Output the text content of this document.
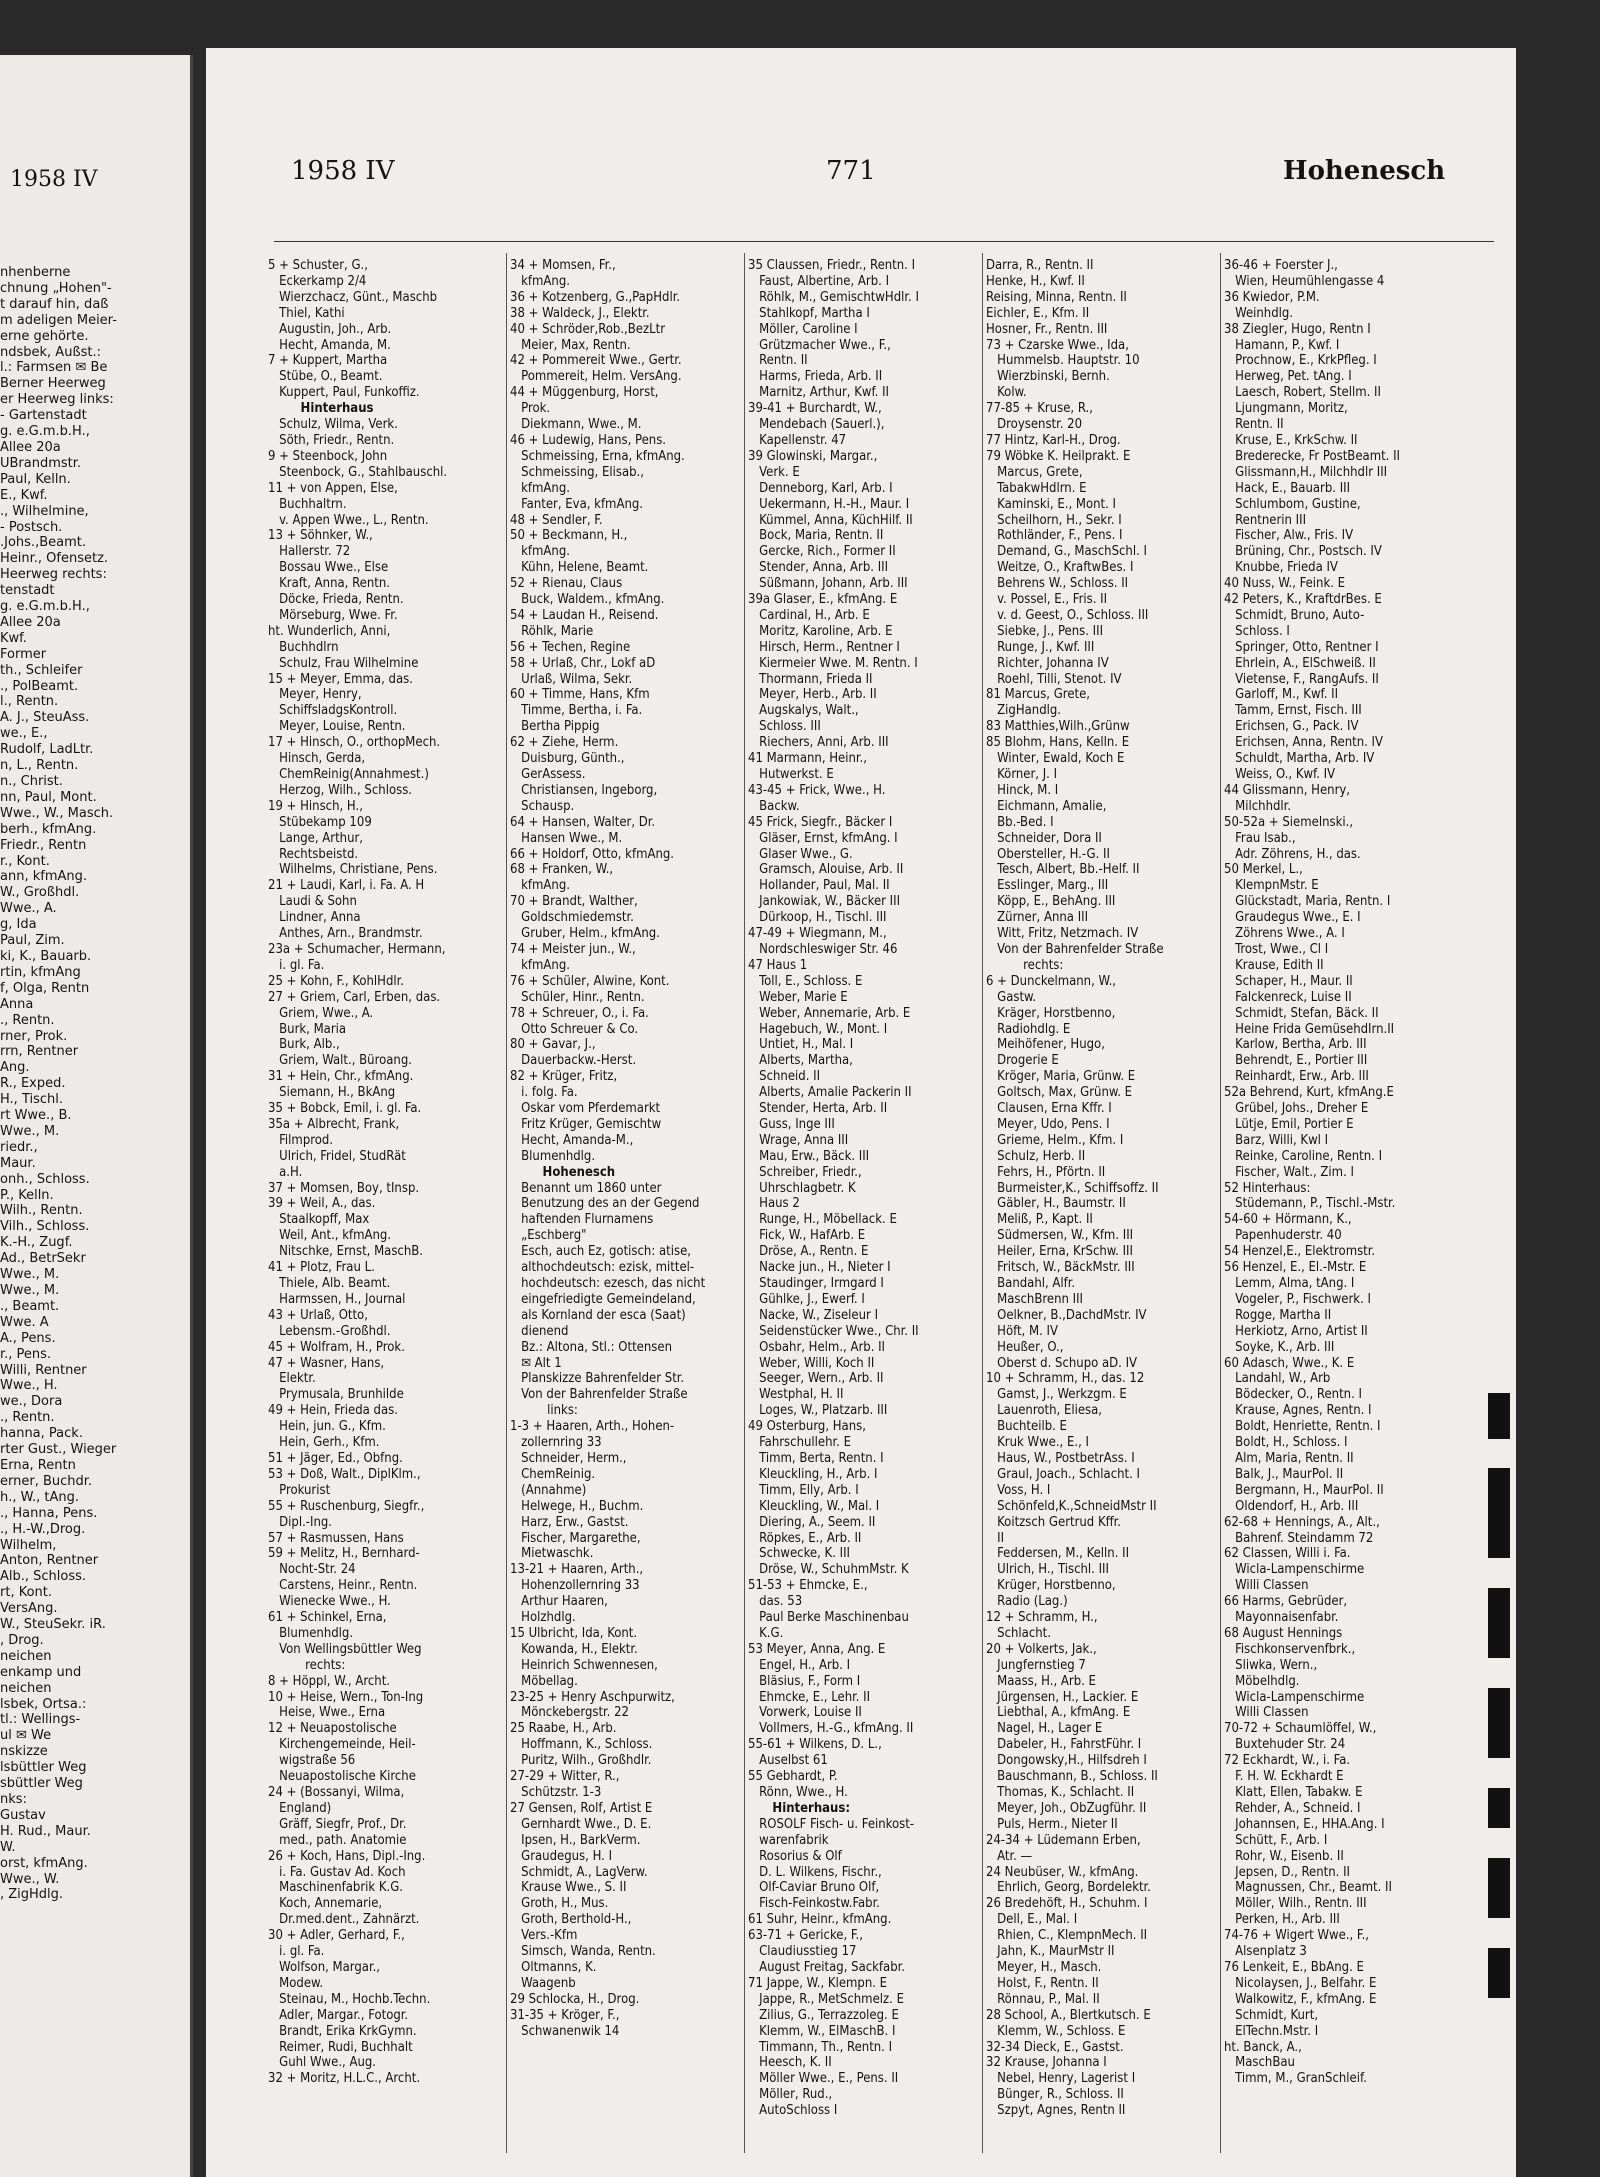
1958 IV
nhenberne
chnung „Hohen"-
t darauf hin, daß
m adeligen Meier-
erne gehörte.
ndsbek, Außst.:
l.: Farmsen ✉ Be
Berner Heerweg
er Heerweg links:
- Gartenstadt
g. e.G.m.b.H.,
Allee 20a
UBrandmstr.
Paul, Kelln.
E., Kwf.
., Wilhelmine,
- Postsch.
.Johs.,Beamt.
Heinr., Ofensetz.
Heerweg rechts:
tenstadt
g. e.G.m.b.H.,
Allee 20a
Kwf.
Former
th., Schleifer
., PolBeamt.
l., Rentn.
A. J., SteuAss.
we., E.,
Rudolf, LadLtr.
n, L., Rentn.
n., Christ.
nn, Paul, Mont.
Wwe., W., Masch.
berh., kfmAng.
Friedr., Rentn
r., Kont.
ann, kfmAng.
W., Großhdl.
Wwe., A.
g, Ida
Paul, Zim.
ki, K., Bauarb.
rtin, kfmAng
f, Olga, Rentn
Anna
., Rentn.
rner, Prok.
rrn, Rentner
Ang.
R., Exped.
H., Tischl.
rt Wwe., B.
Wwe., M.
riedr.,
Maur.
onh., Schloss.
P., Kelln.
Wilh., Rentn.
Vilh., Schloss.
K.-H., Zugf.
Ad., BetrSekr
Wwe., M.
Wwe., M.
., Beamt.
Wwe. A
A., Pens.
r., Pens.
Willi, Rentner
Wwe., H.
we., Dora
., Rentn.
hanna, Pack.
rter Gust., Wieger
Erna, Rentn
erner, Buchdr.
h., W., tAng.
., Hanna, Pens.
., H.-W.,Drog.
Wilhelm,
Anton, Rentner
Alb., Schloss.
rt, Kont.
VersAng.
W., SteuSekr. iR.
, Drog.
neichen
enkamp und
neichen
lsbek, Ortsa.:
tl.: Wellings-
ul ✉ We
nskizze
lsbüttler Weg
sbüttler Weg
nks:
Gustav
H. Rud., Maur.
W.
orst, kfmAng.
Wwe., W.
, ZigHdlg.
1958 IV	771	Hohenesch
5 + Schuster, G.,
Eckerkamp 2/4
Wierzchacz, Günt., Maschb
Thiel, Kathi
Augustin, Joh., Arb.
Hecht, Amanda, M.
7 + Kuppert, Martha
Stübe, O., Beamt.
Kuppert, Paul, Funkoffiz.
Hinterhaus
Schulz, Wilma, Verk.
Söth, Friedr., Rentn.
9 + Steenbock, John
Steenbock, G., Stahlbauschl.
11 + von Appen, Else,
Buchhaltrn.
v. Appen Wwe., L., Rentn.
13 + Söhnker, W.,
Hallerstr. 72
Bossau Wwe., Else
Kraft, Anna, Rentn.
Döcke, Frieda, Rentn.
Mörseburg, Wwe. Fr.
ht. Wunderlich, Anni,
Buchhdlrn
Schulz, Frau Wilhelmine
15 + Meyer, Emma, das.
Meyer, Henry,
SchiffsladgsKontroll.
Meyer, Louise, Rentn.
17 + Hinsch, O., orthopMech.
Hinsch, Gerda,
ChemReinig(Annahmest.)
Herzog, Wilh., Schloss.
19 + Hinsch, H.,
Stübekamp 109
Lange, Arthur,
Rechtsbeistd.
Wilhelms, Christiane, Pens.
21 + Laudi, Karl, i. Fa. A. H
Laudi & Sohn
Lindner, Anna
Anthes, Arn., Brandmstr.
23a + Schumacher, Hermann,
i. gl. Fa.
25 + Kohn, F., KohlHdlr.
27 + Griem, Carl, Erben, das.
Griem, Wwe., A.
Burk, Maria
Burk, Alb.,
Griem, Walt., Büroang.
31 + Hein, Chr., kfmAng.
Siemann, H., BkAng
35 + Bobck, Emil, i. gl. Fa.
35a + Albrecht, Frank,
Filmprod.
Ulrich, Fridel, StudRät
a.H.
37 + Momsen, Boy, tInsp.
39 + Weil, A., das.
Staalkopff, Max
Weil, Ant., kfmAng.
Nitschke, Ernst, MaschB.
41 + Plotz, Frau L.
Thiele, Alb. Beamt.
Harmssen, H., Journal
43 + Urlaß, Otto,
Lebensm.-Großhdl.
45 + Wolfram, H., Prok.
47 + Wasner, Hans,
Elektr.
Prymusala, Brunhilde
49 + Hein, Frieda das.
Hein, jun. G., Kfm.
Hein, Gerh., Kfm.
51 + Jäger, Ed., Obfng.
53 + Doß, Walt., DiplKlm.,
Prokurist
55 + Ruschenburg, Siegfr.,
Dipl.-Ing.
57 + Rasmussen, Hans
59 + Melitz, H., Bernhard-
Nocht-Str. 24
Carstens, Heinr., Rentn.
Wienecke Wwe., H.
61 + Schinkel, Erna,
Blumenhdlg.
Von Wellingsbüttler Weg
rechts:
8 + Höppl, W., Archt.
10 + Heise, Wern., Ton-Ing
Heise, Wwe., Erna
12 + Neuapostolische
Kirchengemeinde, Heil-
wigstraße 56
Neuapostolische Kirche
24 + (Bossanyi, Wilma,
England)
Gräff, Siegfr, Prof., Dr.
med., path. Anatomie
26 + Koch, Hans, Dipl.-Ing.
i. Fa. Gustav Ad. Koch
Maschinenfabrik K.G.
Koch, Annemarie,
Dr.med.dent., Zahnärzt.
30 + Adler, Gerhard, F.,
i. gl. Fa.
Wolfson, Margar.,
Modew.
Steinau, M., Hochb.Techn.
Adler, Margar., Fotogr.
Brandt, Erika KrkGymn.
Reimer, Rudi, Buchhalt
Guhl Wwe., Aug.
32 + Moritz, H.L.C., Archt.
34 + Momsen, Fr.,
kfmAng.
36 + Kotzenberg, G.,PapHdlr.
38 + Waldeck, J., Elektr.
40 + Schröder,Rob.,BezLtr
Meier, Max, Rentn.
42 + Pommereit Wwe., Gertr.
Pommereit, Helm. VersAng.
44 + Müggenburg, Horst,
Prok.
Diekmann, Wwe., M.
46 + Ludewig, Hans, Pens.
Schmeissing, Erna, kfmAng.
Schmeissing, Elisab.,
kfmAng.
Fanter, Eva, kfmAng.
48 + Sendler, F.
50 + Beckmann, H.,
kfmAng.
Kühn, Helene, Beamt.
52 + Rienau, Claus
Buck, Waldem., kfmAng.
54 + Laudan H., Reisend.
Röhlk, Marie
56 + Techen, Regine
58 + Urlaß, Chr., Lokf aD
Urlaß, Wilma, Sekr.
60 + Timme, Hans, Kfm
Timme, Bertha, i. Fa.
Bertha Pippig
62 + Ziehe, Herm.
Duisburg, Günth.,
GerAssess.
Christiansen, Ingeborg,
Schausp.
64 + Hansen, Walter, Dr.
Hansen Wwe., M.
66 + Holdorf, Otto, kfmAng.
68 + Franken, W.,
kfmAng.
70 + Brandt, Walther,
Goldschmiedemstr.
Gruber, Helm., kfmAng.
74 + Meister jun., W.,
kfmAng.
76 + Schüler, Alwine, Kont.
Schüler, Hinr., Rentn.
78 + Schreuer, O., i. Fa.
Otto Schreuer & Co.
80 + Gavar, J.,
Dauerbackw.-Herst.
82 + Krüger, Fritz,
i. folg. Fa.
Oskar vom Pferdemarkt
Fritz Krüger, Gemischtw
Hecht, Amanda-M.,
Blumenhdlg.
Hohenesch
Benannt um 1860 unter
Benutzung des an der Gegend
haftenden Flurnamens
„Eschberg"
Esch, auch Ez, gotisch: atise,
althochdeutsch: ezisk, mittel-
hochdeutsch: ezesch, das nicht
eingefriedigte Gemeindeland,
als Kornland der esca (Saat)
dienend
Bz.: Altona, Stl.: Ottensen
✉ Alt 1
Planskizze Bahrenfelder Str.
Von der Bahrenfelder Straße
links:
1-3 + Haaren, Arth., Hohen-
zollernring 33
Schneider, Herm.,
ChemReinig.
(Annahme)
Helwege, H., Buchm.
Harz, Erw., Gastst.
Fischer, Margarethe,
Mietwaschk.
13-21 + Haaren, Arth.,
Hohenzollernring 33
Arthur Haaren,
Holzhdlg.
15 Ulbricht, Ida, Kont.
Kowanda, H., Elektr.
Heinrich Schwennesen,
Möbellag.
23-25 + Henry Aschpurwitz,
Mönckebergstr. 22
25 Raabe, H., Arb.
Hoffmann, K., Schloss.
Puritz, Wilh., Großhdlr.
27-29 + Witter, R.,
Schützstr. 1-3
27 Gensen, Rolf, Artist E
Gernhardt Wwe., D. E.
Ipsen, H., BarkVerm.
Graudegus, H. I
Schmidt, A., LagVerw.
Krause Wwe., S. II
Groth, H., Mus.
Groth, Berthold-H.,
Vers.-Kfm
Simsch, Wanda, Rentn.
Oltmanns, K.
Waagenb
29 Schlocka, H., Drog.
31-35 + Kröger, F.,
Schwanenwik 14
35 Claussen, Friedr., Rentn. I
Faust, Albertine, Arb. I
Röhlk, M., GemischtwHdlr. I
Stahlkopf, Martha I
Möller, Caroline I
Grützmacher Wwe., F.,
Rentn. II
Harms, Frieda, Arb. II
Marnitz, Arthur, Kwf. II
39-41 + Burchardt, W.,
Mendebach (Sauerl.),
Kapellenstr. 47
39 Glowinski, Margar.,
Verk. E
Denneborg, Karl, Arb. I
Uekermann, H.-H., Maur. I
Kümmel, Anna, KüchHilf. II
Bock, Maria, Rentn. II
Gercke, Rich., Former II
Stender, Anna, Arb. III
Süßmann, Johann, Arb. III
39a Glaser, E., kfmAng. E
Cardinal, H., Arb. E
Moritz, Karoline, Arb. E
Hirsch, Herm., Rentner I
Kiermeier Wwe. M. Rentn. I
Thormann, Frieda II
Meyer, Herb., Arb. II
Augskalys, Walt.,
Schloss. III
Riechers, Anni, Arb. III
41 Marmann, Heinr.,
Hutwerkst. E
43-45 + Frick, Wwe., H.
Backw.
45 Frick, Siegfr., Bäcker I
Gläser, Ernst, kfmAng. I
Glaser Wwe., G.
Gramsch, Alouise, Arb. II
Hollander, Paul, Mal. II
Jankowiak, W., Bäcker III
Dürkoop, H., Tischl. III
47-49 + Wiegmann, M.,
Nordschleswiger Str. 46
47 Haus 1
Toll, E., Schloss. E
Weber, Marie E
Weber, Annemarie, Arb. E
Hagebuch, W., Mont. I
Untiet, H., Mal. I
Alberts, Martha,
Schneid. II
Alberts, Amalie Packerin II
Stender, Herta, Arb. II
Guss, Inge III
Wrage, Anna III
Mau, Erw., Bäck. III
Schreiber, Friedr.,
Uhrschlagbetr. K
Haus 2
Runge, H., Möbellack. E
Fick, W., HafArb. E
Dröse, A., Rentn. E
Nacke jun., H., Nieter I
Staudinger, Irmgard I
Gühlke, J., Ewerf. I
Nacke, W., Ziseleur I
Seidenstücker Wwe., Chr. II
Osbahr, Helm., Arb. II
Weber, Willi, Koch II
Seeger, Wern., Arb. II
Westphal, H. II
Loges, W., Platzarb. III
49 Osterburg, Hans,
Fahrschullehr. E
Timm, Berta, Rentn. I
Kleuckling, H., Arb. I
Timm, Elly, Arb. I
Kleuckling, W., Mal. I
Diering, A., Seem. II
Röpkes, E., Arb. II
Schwecke, K. III
Dröse, W., SchuhmMstr. K
51-53 + Ehmcke, E.,
das. 53
Paul Berke Maschinenbau
K.G.
53 Meyer, Anna, Ang. E
Engel, H., Arb. I
Bläsius, F., Form I
Ehmcke, E., Lehr. II
Vorwerk, Louise II
Vollmers, H.-G., kfmAng. II
55-61 + Wilkens, D. L.,
Auselbst 61
55 Gebhardt, P.
Rönn, Wwe., H.
Hinterhaus:
ROSOLF Fisch- u. Feinkost-
warenfabrik
Rosorius & Olf
D. L. Wilkens, Fischr.,
Olf-Caviar Bruno Olf,
Fisch-Feinkostw.Fabr.
61 Suhr, Heinr., kfmAng.
63-71 + Gericke, F.,
Claudiusstieg 17
August Freitag, Sackfabr.
71 Jappe, W., Klempn. E
Jappe, R., MetSchmelz. E
Zilius, G., Terrazzoleg. E
Klemm, W., ElMaschB. I
Timmann, Th., Rentn. I
Heesch, K. II
Möller Wwe., E., Pens. II
Möller, Rud.,
AutoSchloss I
Darra, R., Rentn. II
Henke, H., Kwf. II
Reising, Minna, Rentn. II
Eichler, E., Kfm. II
Hosner, Fr., Rentn. III
73 + Czarske Wwe., Ida,
Hummelsb. Hauptstr. 10
Wierzbinski, Bernh.
Kolw.
77-85 + Kruse, R.,
Droysenstr. 20
77 Hintz, Karl-H., Drog.
79 Wöbke K. Heilprakt. E
Marcus, Grete,
TabakwHdlrn. E
Kaminski, E., Mont. I
Scheilhorn, H., Sekr. I
Rothländer, F., Pens. I
Demand, G., MaschSchl. I
Weitze, O., KraftwBes. I
Behrens W., Schloss. II
v. Possel, E., Fris. II
v. d. Geest, O., Schloss. III
Siebke, J., Pens. III
Runge, J., Kwf. III
Richter, Johanna IV
Roehl, Tilli, Stenot. IV
81 Marcus, Grete,
ZigHandlg.
83 Matthies,Wilh.,Grünw
85 Blohm, Hans, Kelln. E
Winter, Ewald, Koch E
Körner, J. I
Hinck, M. I
Eichmann, Amalie,
Bb.-Bed. I
Schneider, Dora II
Obersteller, H.-G. II
Tesch, Albert, Bb.-Helf. II
Esslinger, Marg., III
Köpp, E., BehAng. III
Zürner, Anna III
Witt, Fritz, Netzmach. IV
Von der Bahrenfelder Straße
rechts:
6 + Dunckelmann, W.,
Gastw.
Kräger, Horstbenno,
Radiohdlg. E
Meihöfener, Hugo,
Drogerie E
Kröger, Maria, Grünw. E
Goltsch, Max, Grünw. E
Clausen, Erna Kffr. I
Meyer, Udo, Pens. I
Grieme, Helm., Kfm. I
Schulz, Herb. II
Fehrs, H., Pförtn. II
Burmeister,K., Schiffsoffz. II
Gäbler, H., Baumstr. II
Meliß, P., Kapt. II
Südmersen, W., Kfm. III
Heiler, Erna, KrSchw. III
Fritsch, W., BäckMstr. III
Bandahl, Alfr.
MaschBrenn III
Oelkner, B.,DachdMstr. IV
Höft, M. IV
Heußer, O.,
Oberst d. Schupo aD. IV
10 + Schramm, H., das. 12
Gamst, J., Werkzgm. E
Lauenroth, Eliesa,
Buchteilb. E
Kruk Wwe., E., I
Haus, W., PostbetrAss. I
Graul, Joach., Schlacht. I
Voss, H. I
Schönfeld,K.,SchneidMstr II
Koitzsch Gertrud Kffr.
II
Feddersen, M., Kelln. II
Ulrich, H., Tischl. III
Krüger, Horstbenno,
Radio (Lag.)
12 + Schramm, H.,
Schlacht.
20 + Volkerts, Jak.,
Jungfernstieg 7
Maass, H., Arb. E
Jürgensen, H., Lackier. E
Liebthal, A., kfmAng. E
Nagel, H., Lager E
Dabeler, H., FahrstFühr. I
Dongowsky,H., Hilfsdreh I
Bauschmann, B., Schloss. II
Thomas, K., Schlacht. II
Meyer, Joh., ObZugführ. II
Puls, Herm., Nieter II
24-34 + Lüdemann Erben,
Atr. —
24 Neubüser, W., kfmAng.
Ehrlich, Georg, Bordelektr.
26 Bredehöft, H., Schuhm. I
Dell, E., Mal. I
Rhien, C., KlempnMech. II
Jahn, K., MaurMstr II
Meyer, H., Masch.
Holst, F., Rentn. II
Rönnau, P., Mal. II
28 School, A., Blertkutsch. E
Klemm, W., Schloss. E
32-34 Dieck, E., Gastst.
32 Krause, Johanna I
Nebel, Henry, Lagerist I
Bünger, R., Schloss. II
Szpyt, Agnes, Rentn II
36-46 + Foerster J.,
Wien, Heumühlengasse 4
36 Kwiedor, P.M.
Weinhdlg.
38 Ziegler, Hugo, Rentn I
Hamann, P., Kwf. I
Prochnow, E., KrkPfleg. I
Herweg, Pet. tAng. I
Laesch, Robert, Stellm. II
Ljungmann, Moritz,
Rentn. II
Kruse, E., KrkSchw. II
Brederecke, Fr PostBeamt. II
Glissmann,H., Milchhdlr III
Hack, E., Bauarb. III
Schlumbom, Gustine,
Rentnerin III
Fischer, Alw., Fris. IV
Brüning, Chr., Postsch. IV
Knubbe, Frieda IV
40 Nuss, W., Feink. E
42 Peters, K., KraftdrBes. E
Schmidt, Bruno, Auto-
Schloss. I
Springer, Otto, Rentner I
Ehrlein, A., ElSchweiß. II
Vietense, F., RangAufs. II
Garloff, M., Kwf. II
Tamm, Ernst, Fisch. III
Erichsen, G., Pack. IV
Erichsen, Anna, Rentn. IV
Schuldt, Martha, Arb. IV
Weiss, O., Kwf. IV
44 Glissmann, Henry,
Milchhdlr.
50-52a + Siemelnski.,
Frau Isab.,
Adr. Zöhrens, H., das.
50 Merkel, L.,
KlempnMstr. E
Glückstadt, Maria, Rentn. I
Graudegus Wwe., E. I
Zöhrens Wwe., A. I
Trost, Wwe., Cl I
Krause, Edith II
Schaper, H., Maur. II
Falckenreck, Luise II
Schmidt, Stefan, Bäck. II
Heine Frida GemüsehdIrn.II
Karlow, Bertha, Arb. III
Behrendt, E., Portier III
Reinhardt, Erw., Arb. III
52a Behrend, Kurt, kfmAng.E
Grübel, Johs., Dreher E
Lütje, Emil, Portier E
Barz, Willi, Kwl I
Reinke, Caroline, Rentn. I
Fischer, Walt., Zim. I
52 Hinterhaus:
Stüdemann, P., Tischl.-Mstr.
54-60 + Hörmann, K.,
Papenhuderstr. 40
54 Henzel,E., Elektromstr.
56 Henzel, E., El.-Mstr. E
Lemm, Alma, tAng. I
Vogeler, P., Fischwerk. I
Rogge, Martha II
Herkiotz, Arno, Artist II
Soyke, K., Arb. III
60 Adasch, Wwe., K. E
Landahl, W., Arb
Bödecker, O., Rentn. I
Krause, Agnes, Rentn. I
Boldt, Henriette, Rentn. I
Boldt, H., Schloss. I
Alm, Maria, Rentn. II
Balk, J., MaurPol. II
Bergmann, H., MaurPol. II
Oldendorf, H., Arb. III
62-68 + Hennings, A., Alt.,
Bahrenf. Steindamm 72
62 Classen, Willi i. Fa.
Wicla-Lampenschirme
Willi Classen
66 Harms, Gebrüder,
Mayonnaisenfabr.
68 August Hennings
Fischkonservenfbrk.,
Sliwka, Wern.,
Möbelhdlg.
Wicla-Lampenschirme
Willi Classen
70-72 + Schaumlöffel, W.,
Buxtehuder Str. 24
72 Eckhardt, W., i. Fa.
F. H. W. Eckhardt E
Klatt, Ellen, Tabakw. E
Rehder, A., Schneid. I
Johannsen, E., HHA.Ang. I
Schütt, F., Arb. I
Rohr, W., Eisenb. II
Jepsen, D., Rentn. II
Magnussen, Chr., Beamt. II
Möller, Wilh., Rentn. III
Perken, H., Arb. III
74-76 + Wigert Wwe., F.,
Alsenplatz 3
76 Lenkeit, E., BbAng. E
Nicolaysen, J., Belfahr. E
Walkowitz, F., kfmAng. E
Schmidt, Kurt,
ElTechn.Mstr. I
ht. Banck, A.,
MaschBau
Timm, M., GranSchleif.
